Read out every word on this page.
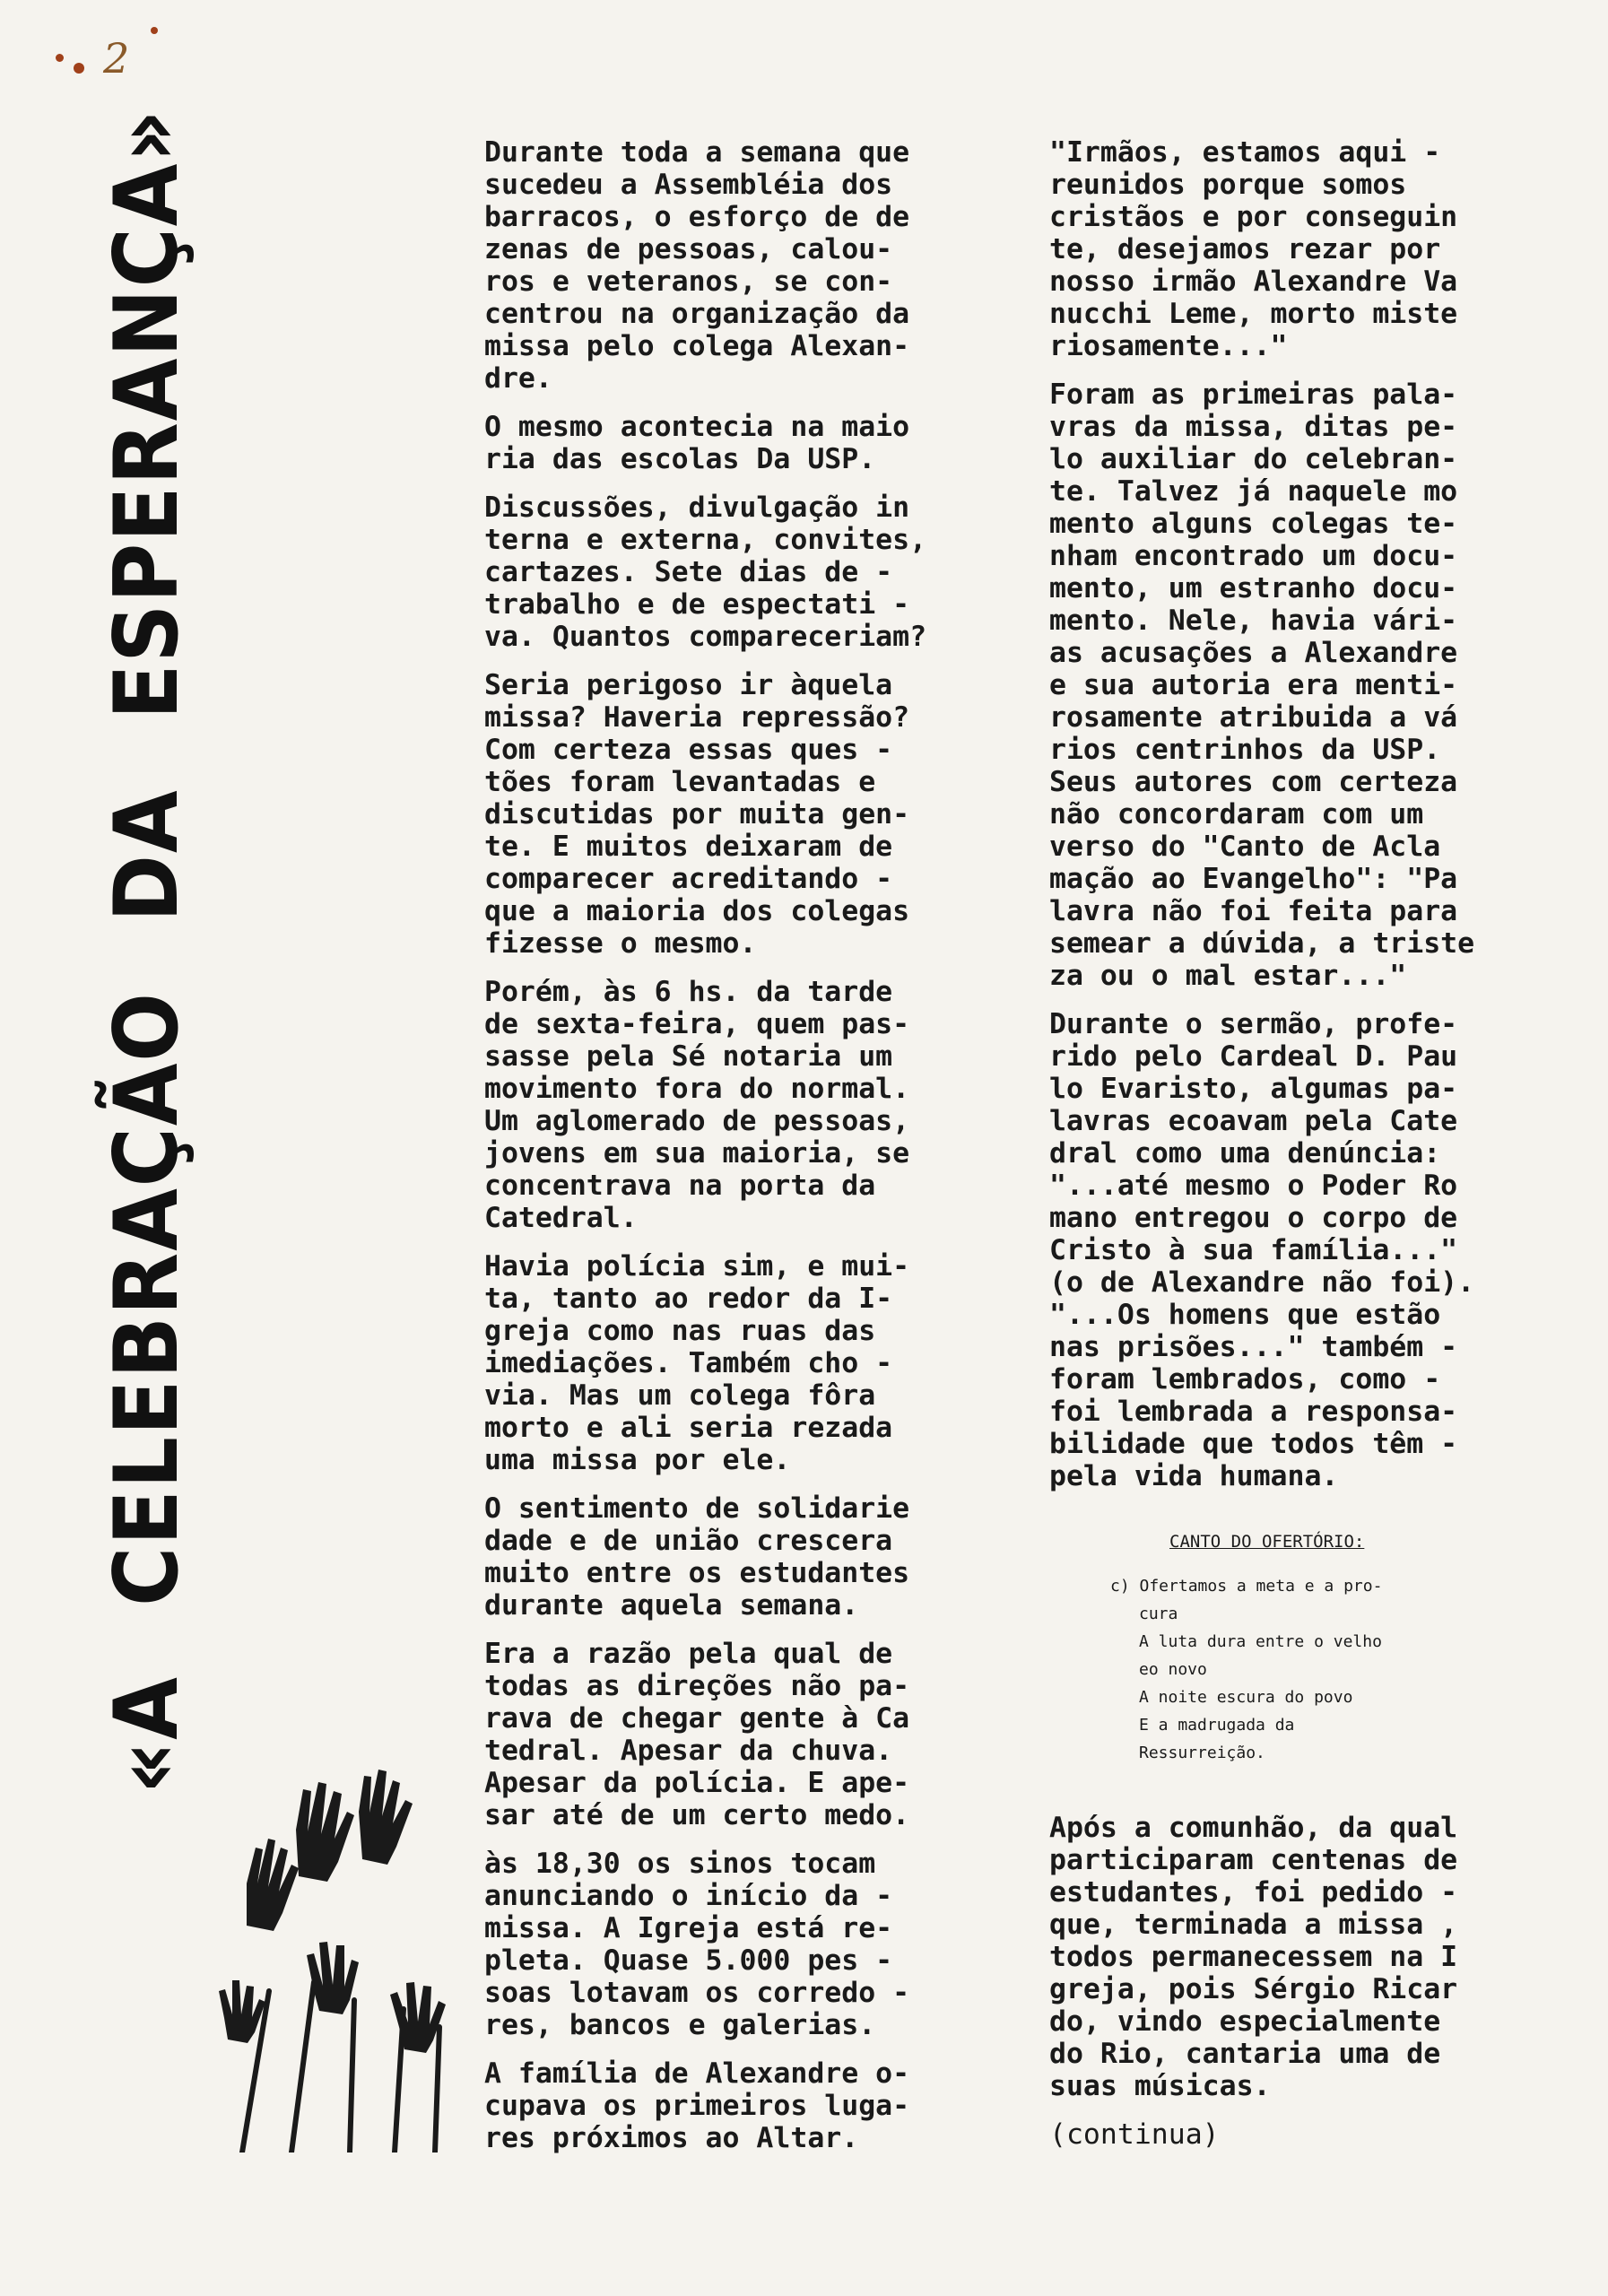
2
«A CELEBRAÇÃO DA ESPERANÇA»	Durante toda a semana que
sucedeu a Assembléia dos
barracos, o esforço de de
zenas de pessoas, calou-
ros e veteranos, se con-
centrou na organização da
missa pelo colega Alexan-
dre.

O mesmo acontecia na maio
ria das escolas Da USP.

Discussões, divulgação in
terna e externa, convites,
cartazes. Sete dias de -
trabalho e de espectati -
va. Quantos compareceriam?

Seria perigoso ir àquela
missa? Haveria repressão?
Com certeza essas ques -
tões foram levantadas e
discutidas por muita gen-
te. E muitos deixaram de
comparecer acreditando -
que a maioria dos colegas
fizesse o mesmo.

Porém, às 6 hs. da tarde
de sexta-feira, quem pas-
sasse pela Sé notaria um
movimento fora do normal.
Um aglomerado de pessoas,
jovens em sua maioria, se
concentrava na porta da
Catedral.

Havia polícia sim, e mui-
ta, tanto ao redor da I-
greja como nas ruas das
imediações. Também cho -
via. Mas um colega fôra
morto e ali seria rezada
uma missa por ele.

O sentimento de solidarie
dade e de união crescera
muito entre os estudantes
durante aquela semana.

Era a razão pela qual de
todas as direções não pa-
rava de chegar gente à Ca
tedral. Apesar da chuva.
Apesar da polícia. E ape-
sar até de um certo medo.

às 18,30 os sinos tocam
anunciando o início da -
missa. A Igreja está re-
pleta. Quase 5.000 pes -
soas lotavam os corredo -
res, bancos e galerias.

A família de Alexandre o-
cupava os primeiros luga-
res próximos ao Altar.

"Irmãos, estamos aqui -
reunidos porque somos
cristãos e por conseguin
te, desejamos rezar por
nosso irmão Alexandre Va
nucchi Leme, morto miste
riosamente..."

Foram as primeiras pala-
vras da missa, ditas pe-
lo auxiliar do celebran-
te. Talvez já naquele mo
mento alguns colegas te-
nham encontrado um docu-
mento, um estranho docu-
mento. Nele, havia vári-
as acusações a Alexandre
e sua autoria era menti-
rosamente atribuida a vá
rios centrinhos da USP.
Seus autores com certeza
não concordaram com um
verso do "Canto de Acla
mação ao Evangelho": "Pa
lavra não foi feita para
semear a dúvida, a triste
za ou o mal estar..."

Durante o sermão, profe-
rido pelo Cardeal D. Pau
lo Evaristo, algumas pa-
lavras ecoavam pela Cate
dral como uma denúncia:
"...até mesmo o Poder Ro
mano entregou o corpo de
Cristo à sua família..."
(o de Alexandre não foi).
"...Os homens que estão
nas prisões..." também -
foram lembrados, como -
foi lembrada a responsa-
bilidade que todos têm -
pela vida humana.

CANTO DO OFERTÓRIO:
c) Ofertamos a meta e a pro-
cura
A luta dura entre o velho
eo novo
A noite escura do povo
E a madrugada da
Ressurreição.

Após a comunhão, da qual
participaram centenas de
estudantes, foi pedido -
que, terminada a missa ,
todos permanecessem na I
greja, pois Sérgio Ricar
do, vindo especialmente
do Rio, cantaria uma de
suas músicas.

(continua)
